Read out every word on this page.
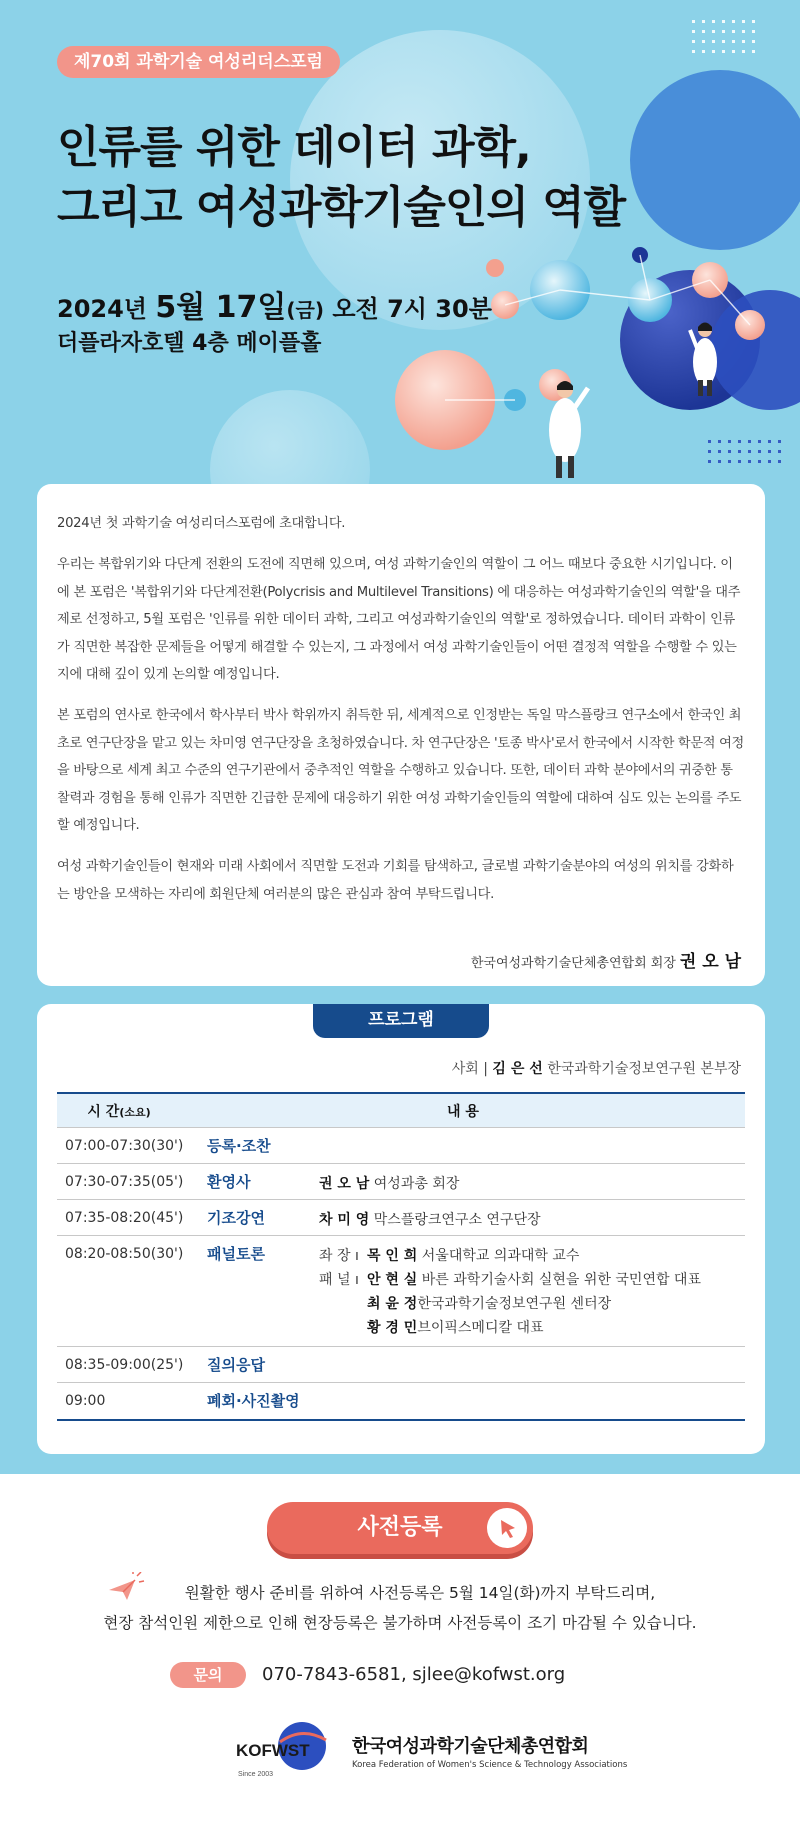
제70회 과학기술 여성리더스포럼
인류를 위한 데이터 과학,
그리고 여성과학기술인의 역할
2024년 5월 17일(금) 오전 7시 30분
더플라자호텔 4층 메이플홀

2024년 첫 과학기술 여성리더스포럼에 초대합니다.

우리는 복합위기와 다단계 전환의 도전에 직면해 있으며, 여성 과학기술인의 역할이 그 어느 때보다 중요한 시기입니다. 이에 본 포럼은 '복합위기와 다단계전환(Polycrisis and Multilevel Transitions) 에 대응하는 여성과학기술인의 역할'을 대주제로 선정하고, 5월 포럼은 '인류를 위한 데이터 과학, 그리고 여성과학기술인의 역할'로 정하였습니다. 데이터 과학이 인류가 직면한 복잡한 문제들을 어떻게 해결할 수 있는지, 그 과정에서 여성 과학기술인들이 어떤 결정적 역할을 수행할 수 있는지에 대해 깊이 있게 논의할 예정입니다.

본 포럼의 연사로 한국에서 학사부터 박사 학위까지 취득한 뒤, 세계적으로 인정받는 독일 막스플랑크 연구소에서 한국인 최초로 연구단장을 맡고 있는 차미영 연구단장을 초청하였습니다. 차 연구단장은 '토종 박사'로서 한국에서 시작한 학문적 여정을 바탕으로 세계 최고 수준의 연구기관에서 중추적인 역할을 수행하고 있습니다. 또한, 데이터 과학 분야에서의 귀중한 통찰력과 경험을 통해 인류가 직면한 긴급한 문제에 대응하기 위한 여성 과학기술인들의 역할에 대하여 심도 있는 논의를 주도할 예정입니다.

여성 과학기술인들이 현재와 미래 사회에서 직면할 도전과 기회를 탐색하고, 글로벌 과학기술분야의 여성의 위치를 강화하는 방안을 모색하는 자리에 회원단체 여러분의 많은 관심과 참여 부탁드립니다.

한국여성과학기술단체총연합회 회장 권 오 남
프로그램
사회 | 김 은 선 한국과학기술정보연구원 본부장
시 간(소요)	내 용
07:00-07:30(30')	등록·조찬
07:30-07:35(05')	환영사	권 오 남 여성과총 회장
07:35-08:20(45')	기조강연	차 미 영 막스플랑크연구소 연구단장
08:20-08:50(30')	패널토론	좌 장 ı 목 인 희 서울대학교 의과대학 교수
패 널 ı 안 현 실 바른 과학기술사회 실현을 위한 국민연합 대표
최 윤 정 한국과학기술정보연구원 센터장
황 경 민 브이픽스메디칼 대표
08:35-09:00(25')	질의응답
09:00	폐회·사진촬영
사전등록
원활한 행사 준비를 위하여 사전등록은 5월 14일(화)까지 부탁드리며,
현장 참석인원 제한으로 인해 현장등록은 불가하며 사전등록이 조기 마감될 수 있습니다.
문의	070-7843-6581, sjlee@kofwst.org
KOFWST
Since 2003
한국여성과학기술단체총연합회
Korea Federation of Women's Science & Technology Associations
